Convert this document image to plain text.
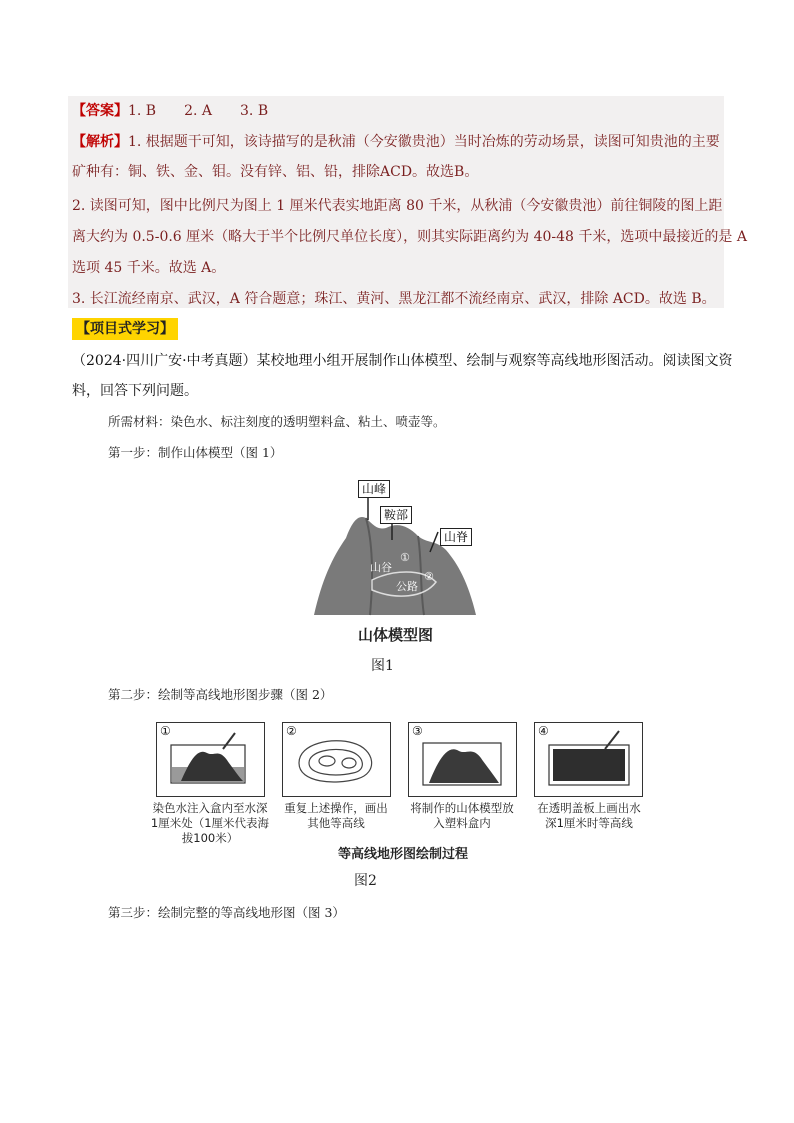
【答案】1. B　　2. A　　3. B
【解析】1. 根据题干可知，该诗描写的是秋浦（今安徽贵池）当时冶炼的劳动场景，读图可知贵池的主要
矿种有：铜、铁、金、钼。没有锌、铝、铅，排除ACD。故选B。
2. 读图可知，图中比例尺为图上 1 厘米代表实地距离 80 千米，从秋浦（今安徽贵池）前往铜陵的图上距
离大约为 0.5-0.6 厘米（略大于半个比例尺单位长度），则其实际距离约为 40-48 千米，选项中最接近的是 A
选项 45 千米。故选 A。
3. 长江流经南京、武汉，A 符合题意；珠江、黄河、黑龙江都不流经南京、武汉，排除 ACD。故选 B。
【项目式学习】
（2024·四川广安·中考真题）某校地理小组开展制作山体模型、绘制与观察等高线地形图活动。阅读图文资
料，回答下列问题。
所需材料：染色水、标注刻度的透明塑料盒、粘土、喷壶等。
第一步：制作山体模型（图 1）
山峰
鞍部
山脊
山谷
①
公路
②
山体模型图
图1
第二步：绘制等高线地形图步骤（图 2）
①	②	③	④
染色水注入盒内至水深1厘米处（1厘米代表海拔100米）
重复上述操作，画出其他等高线
将制作的山体模型放入塑料盒内
在透明盖板上画出水深1厘米时等高线
等高线地形图绘制过程
图2
第三步：绘制完整的等高线地形图（图 3）
